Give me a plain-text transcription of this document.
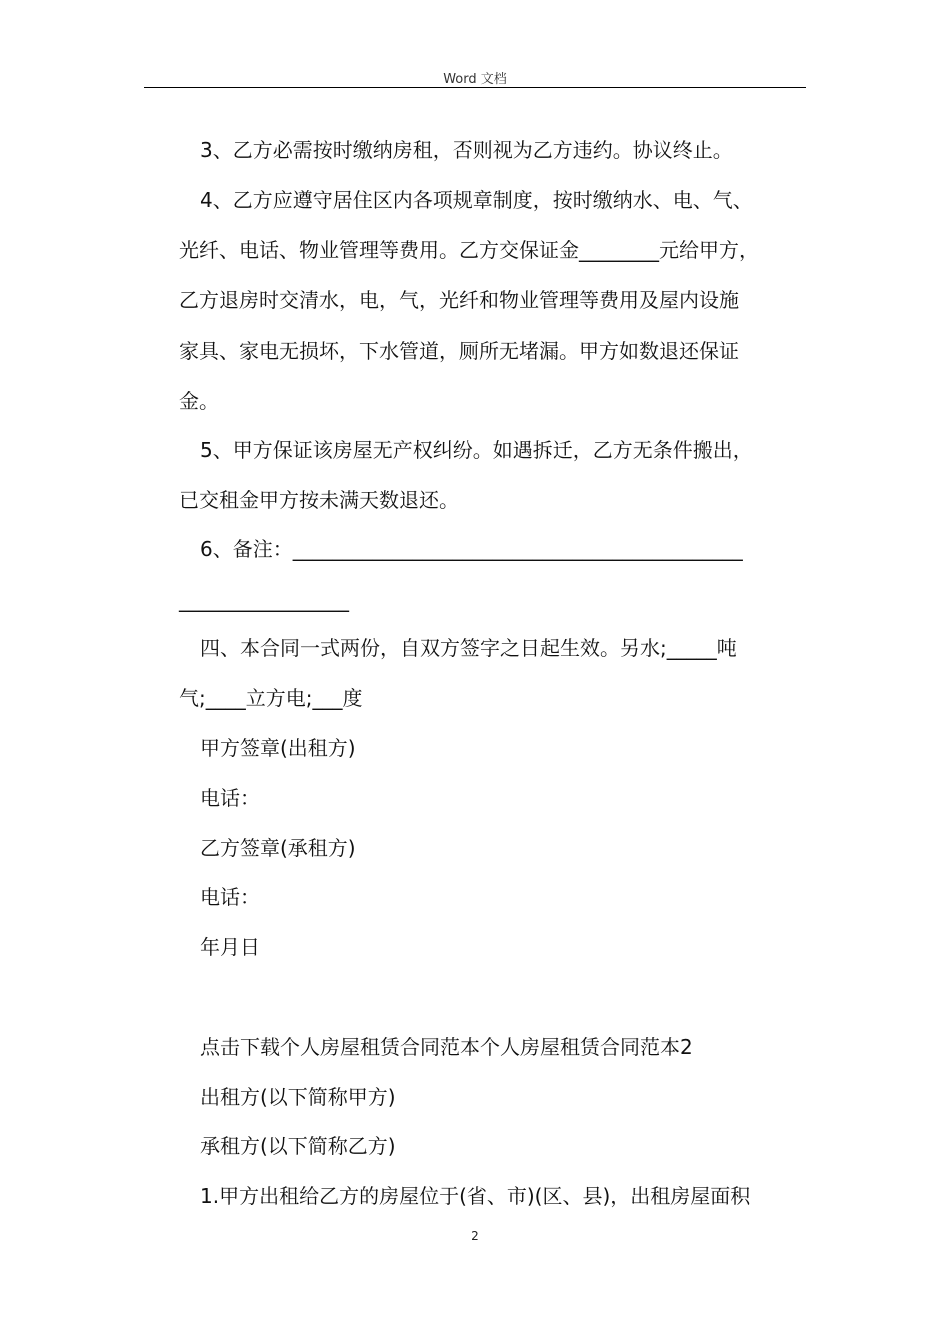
Word 文档
3、乙方必需按时缴纳房租，否则视为乙方违约。协议终止。
4、乙方应遵守居住区内各项规章制度，按时缴纳水、电、气、
光纤、电话、物业管理等费用。乙方交保证金________元给甲方，
乙方退房时交清水，电，气，光纤和物业管理等费用及屋内设施
家具、家电无损坏，下水管道，厕所无堵漏。甲方如数退还保证
金。
5、甲方保证该房屋无产权纠纷。如遇拆迁，乙方无条件搬出，
已交租金甲方按未满天数退还。
6、备注：_____________________________________________
_________________
四、本合同一式两份，自双方签字之日起生效。另水;_____吨
气;____立方电;___度
甲方签章(出租方)
电话：
乙方签章(承租方)
电话：
年月日
点击下载个人房屋租赁合同范本个人房屋租赁合同范本2
出租方(以下简称甲方)
承租方(以下简称乙方)
1.甲方出租给乙方的房屋位于(省、市)(区、县)，出租房屋面积
2
